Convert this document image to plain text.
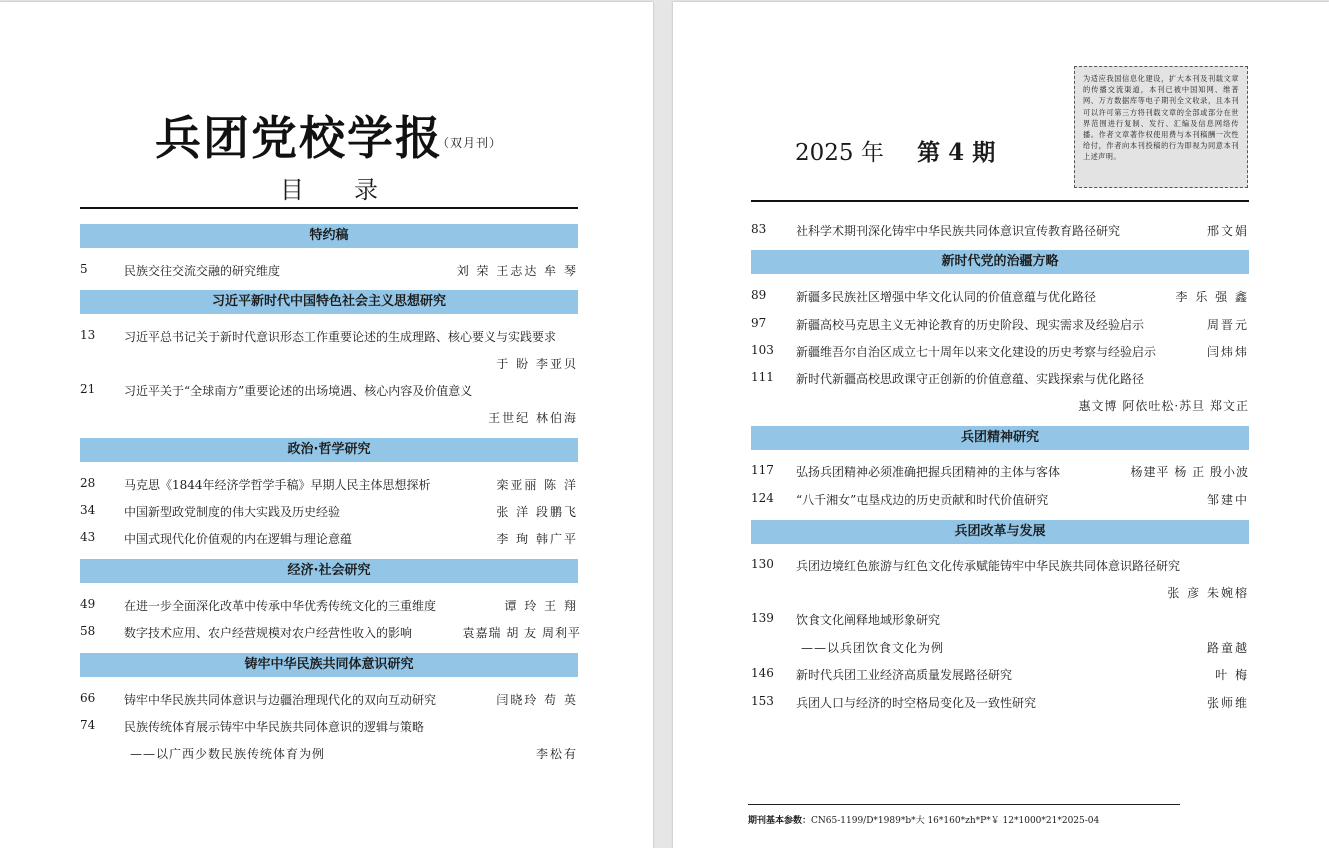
兵团党校学报
（双月刊）
目录
特约稿
5	民族交往交流交融的研究维度	刘 荣 王志达 牟 琴
习近平新时代中国特色社会主义思想研究
13 习近平总书记关于新时代意识形态工作重要论述的生成理路、核心要义与实践要求
于 盼 李亚贝
21 习近平关于“全球南方”重要论述的出场境遇、核心内容及价值意义
王世纪 林伯海
政治·哲学研究
28 马克思《1844年经济学哲学手稿》早期人民主体思想探析	栾亚丽 陈 洋
34 中国新型政党制度的伟大实践及历史经验	张 洋 段鹏飞
43 中国式现代化价值观的内在逻辑与理论意蕴	李 珣 韩广平
经济·社会研究
49 在进一步全面深化改革中传承中华优秀传统文化的三重维度	谭 玲 王 翔
58 数字技术应用、农户经营规模对农户经营性收入的影响	袁嘉瑞 胡 友 周利平
铸牢中华民族共同体意识研究
66 铸牢中华民族共同体意识与边疆治理现代化的双向互动研究	闫晓玲 苟 英
74 民族传统体育展示铸牢中华民族共同体意识的逻辑与策略
——以广西少数民族传统体育为例	李松有
为适应我国信息化建设，扩大本刊及刊载文章的传播交流渠道，本刊已被中国知网、维普网、万方数据库等电子期刊全文收录，且本刊可以许可第三方将刊载文章的全部或部分在世界范围进行复制、发行、汇编及信息网络传播。作者文章著作权使用费与本刊稿酬一次性给付，作者向本刊投稿的行为即视为同意本刊上述声明。
2025 年 第 4 期
83 社科学术期刊深化铸牢中华民族共同体意识宣传教育路径研究	邢文娟
新时代党的治疆方略
89 新疆多民族社区增强中华文化认同的价值意蕴与优化路径	李 乐 强 鑫
97 新疆高校马克思主义无神论教育的历史阶段、现实需求及经验启示	周晋元
103 新疆维吾尔自治区成立七十周年以来文化建设的历史考察与经验启示	闫炜炜
111 新时代新疆高校思政课守正创新的价值意蕴、实践探索与优化路径
惠文博 阿依吐松·苏旦 郑文正
兵团精神研究
117 弘扬兵团精神必须准确把握兵团精神的主体与客体	杨建平 杨 正 殷小波
124 “八千湘女”屯垦戍边的历史贡献和时代价值研究	邹建中
兵团改革与发展
130 兵团边境红色旅游与红色文化传承赋能铸牢中华民族共同体意识路径研究
张 彦 朱婉榕
139 饮食文化阐释地域形象研究
——以兵团饮食文化为例	路童越
146 新时代兵团工业经济高质量发展路径研究	叶 梅
153 兵团人口与经济的时空格局变化及一致性研究	张师维
期刊基本参数：CN65-1199/D*1989*b*大 16*160*zh*P*￥ 12*1000*21*2025-04
